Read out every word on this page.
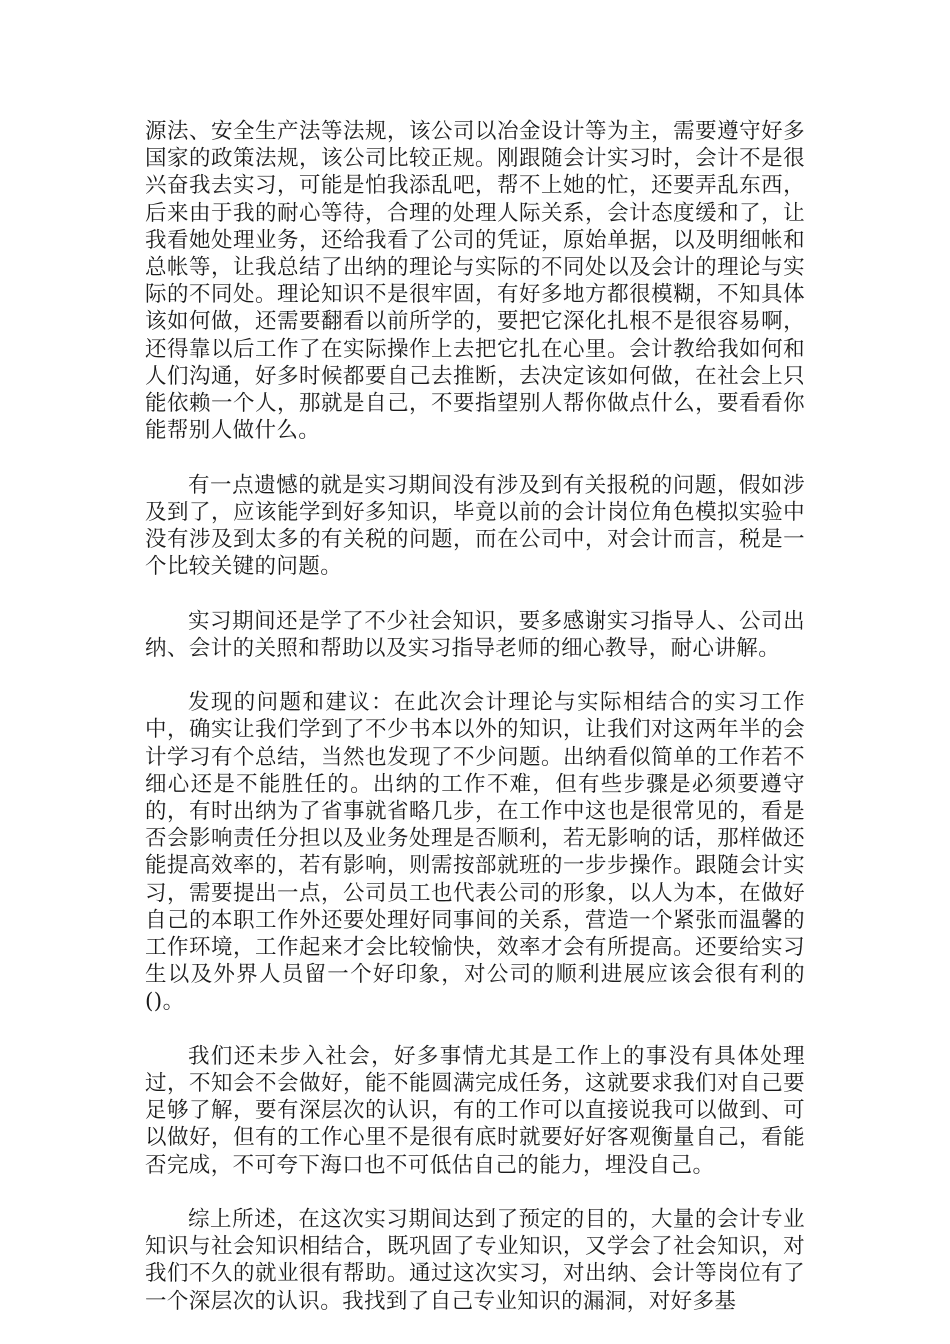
源法、安全生产法等法规，该公司以冶金设计等为主，需要遵守好多国家的政策法规，该公司比较正规。刚跟随会计实习时，会计不是很兴奋我去实习，可能是怕我添乱吧，帮不上她的忙，还要弄乱东西，后来由于我的耐心等待，合理的处理人际关系，会计态度缓和了，让我看她处理业务，还给我看了公司的凭证，原始单据，以及明细帐和总帐等，让我总结了出纳的理论与实际的不同处以及会计的理论与实际的不同处。理论知识不是很牢固，有好多地方都很模糊，不知具体该如何做，还需要翻看以前所学的，要把它深化扎根不是很容易啊，还得靠以后工作了在实际操作上去把它扎在心里。会计教给我如何和人们沟通，好多时候都要自己去推断，去决定该如何做，在社会上只能依赖一个人，那就是自己，不要指望别人帮你做点什么，要看看你能帮别人做什么。

有一点遗憾的就是实习期间没有涉及到有关报税的问题，假如涉及到了，应该能学到好多知识，毕竟以前的会计岗位角色模拟实验中没有涉及到太多的有关税的问题，而在公司中，对会计而言，税是一个比较关键的问题。

实习期间还是学了不少社会知识，要多感谢实习指导人、公司出纳、会计的关照和帮助以及实习指导老师的细心教导，耐心讲解。

发现的问题和建议：在此次会计理论与实际相结合的实习工作中，确实让我们学到了不少书本以外的知识，让我们对这两年半的会计学习有个总结，当然也发现了不少问题。出纳看似简单的工作若不细心还是不能胜任的。出纳的工作不难，但有些步骤是必须要遵守的，有时出纳为了省事就省略几步，在工作中这也是很常见的，看是否会影响责任分担以及业务处理是否顺利，若无影响的话，那样做还能提高效率的，若有影响，则需按部就班的一步步操作。跟随会计实习，需要提出一点，公司员工也代表公司的形象，以人为本，在做好自己的本职工作外还要处理好同事间的关系，营造一个紧张而温馨的工作环境，工作起来才会比较愉快，效率才会有所提高。还要给实习生以及外界人员留一个好印象，对公司的顺利进展应该会很有利的()。

我们还未步入社会，好多事情尤其是工作上的事没有具体处理过，不知会不会做好，能不能圆满完成任务，这就要求我们对自己要足够了解，要有深层次的认识，有的工作可以直接说我可以做到、可以做好，但有的工作心里不是很有底时就要好好客观衡量自己，看能否完成，不可夸下海口也不可低估自己的能力，埋没自己。

综上所述，在这次实习期间达到了预定的目的，大量的会计专业知识与社会知识相结合，既巩固了专业知识，又学会了社会知识，对我们不久的就业很有帮助。通过这次实习，对出纳、会计等岗位有了一个深层次的认识。我找到了自己专业知识的漏洞，对好多基
